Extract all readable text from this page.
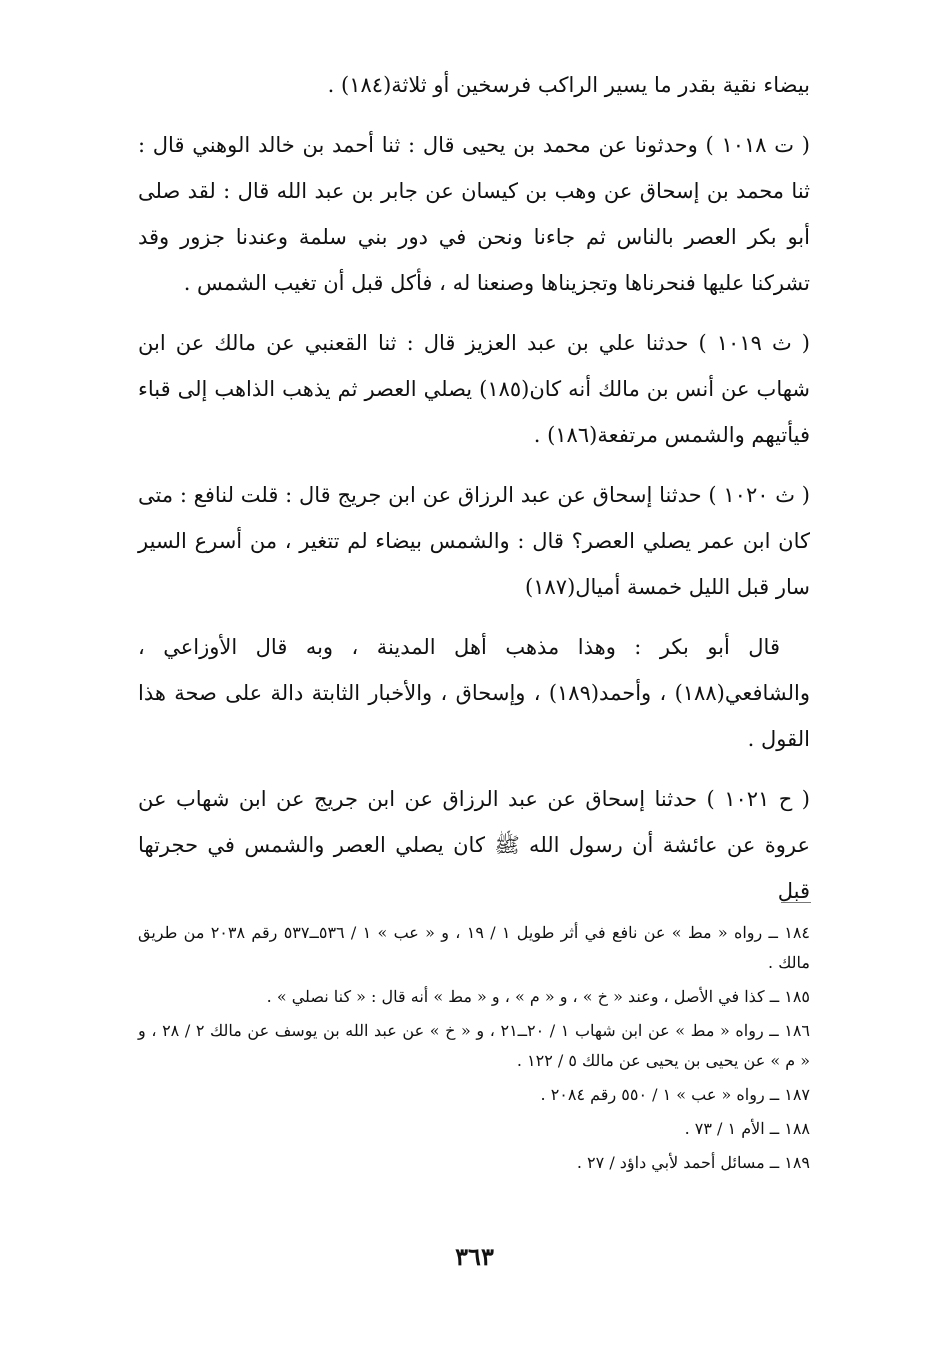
بيضاء نقية بقدر ما يسير الراكب فرسخين أو ثلاثة(١٨٤) .

( ت ١٠١٨ ) وحدثونا عن محمد بن يحيى قال : ثنا أحمد بن خالد الوهني قال : ثنا محمد بن إسحاق عن وهب بن كيسان عن جابر بن عبد الله قال : لقد صلى أبو بكر العصر بالناس ثم جاءنا ونحن في دور بني سلمة وعندنا جزور وقد تشركنا عليها فنحرناها وتجزيناها وصنعنا له ، فأكل قبل أن تغيب الشمس .

( ث ١٠١٩ ) حدثنا علي بن عبد العزيز قال : ثنا القعنبي عن مالك عن ابن شهاب عن أنس بن مالك أنه كان(١٨٥) يصلي العصر ثم يذهب الذاهب إلى قباء فيأتيهم والشمس مرتفعة(١٨٦) .

( ث ١٠٢٠ ) حدثنا إسحاق عن عبد الرزاق عن ابن جريج قال : قلت لنافع : متى كان ابن عمر يصلي العصر؟ قال : والشمس بيضاء لم تتغير ، من أسرع السير سار قبل الليل خمسة أميال(١٨٧)

قال أبو بكر : وهذا مذهب أهل المدينة ، وبه قال الأوزاعي ، والشافعي(١٨٨) ، وأحمد(١٨٩) ، وإسحاق ، والأخبار الثابتة دالة على صحة هذا القول .

( ح ١٠٢١ ) حدثنا إسحاق عن عبد الرزاق عن ابن جريج عن ابن شهاب عن عروة عن عائشة أن رسول الله ﷺ كان يصلي العصر والشمس في حجرتها قبل

١٨٤ ــ رواه « مط » عن نافع في أثر طويل ١ / ١٩ ، و « عب » ١ / ٥٣٦ــ٥٣٧ رقم ٢٠٣٨ من طريق مالك .

١٨٥ ــ كذا في الأصل ، وعند « خ » ، و « م » ، و « مط » أنه قال : « كنا نصلي » .

١٨٦ ــ رواه « مط » عن ابن شهاب ١ / ٢٠ــ٢١ ، و « خ » عن عبد الله بن يوسف عن مالك ٢ / ٢٨ ، و « م » عن يحيى بن يحيى عن مالك ٥ / ١٢٢ .

١٨٧ ــ رواه « عب » ١ / ٥٥٠ رقم ٢٠٨٤ .

١٨٨ ــ الأم ١ / ٧٣ .

١٨٩ ــ مسائل أحمد لأبي داؤد / ٢٧ .

٣٦٣
